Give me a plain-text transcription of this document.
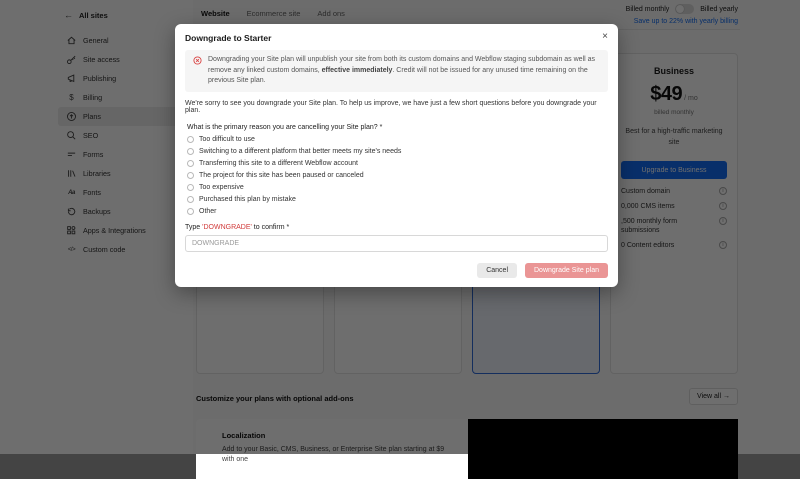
i
i
i
i
with one
Downgrade to Starter	×
Downgrading your Site plan will unpublish your site from both its custom domains and Webflow staging subdomain as well as remove any linked custom domains, effective immediately. Credit will not be issued for any unused time remaining on the previous Site plan.
We're sorry to see you downgrade your Site plan. To help us improve, we have just a few short questions before you downgrade your plan.
What is the primary reason you are cancelling your Site plan? *
Too difficult to use
Switching to a different platform that better meets my site's needs
Transferring this site to a different Webflow account
The project for this site has been paused or canceled
Too expensive
Purchased this plan by mistake
Other
Type 'DOWNGRADE' to confirm *
DOWNGRADE
Cancel	Downgrade Site plan
